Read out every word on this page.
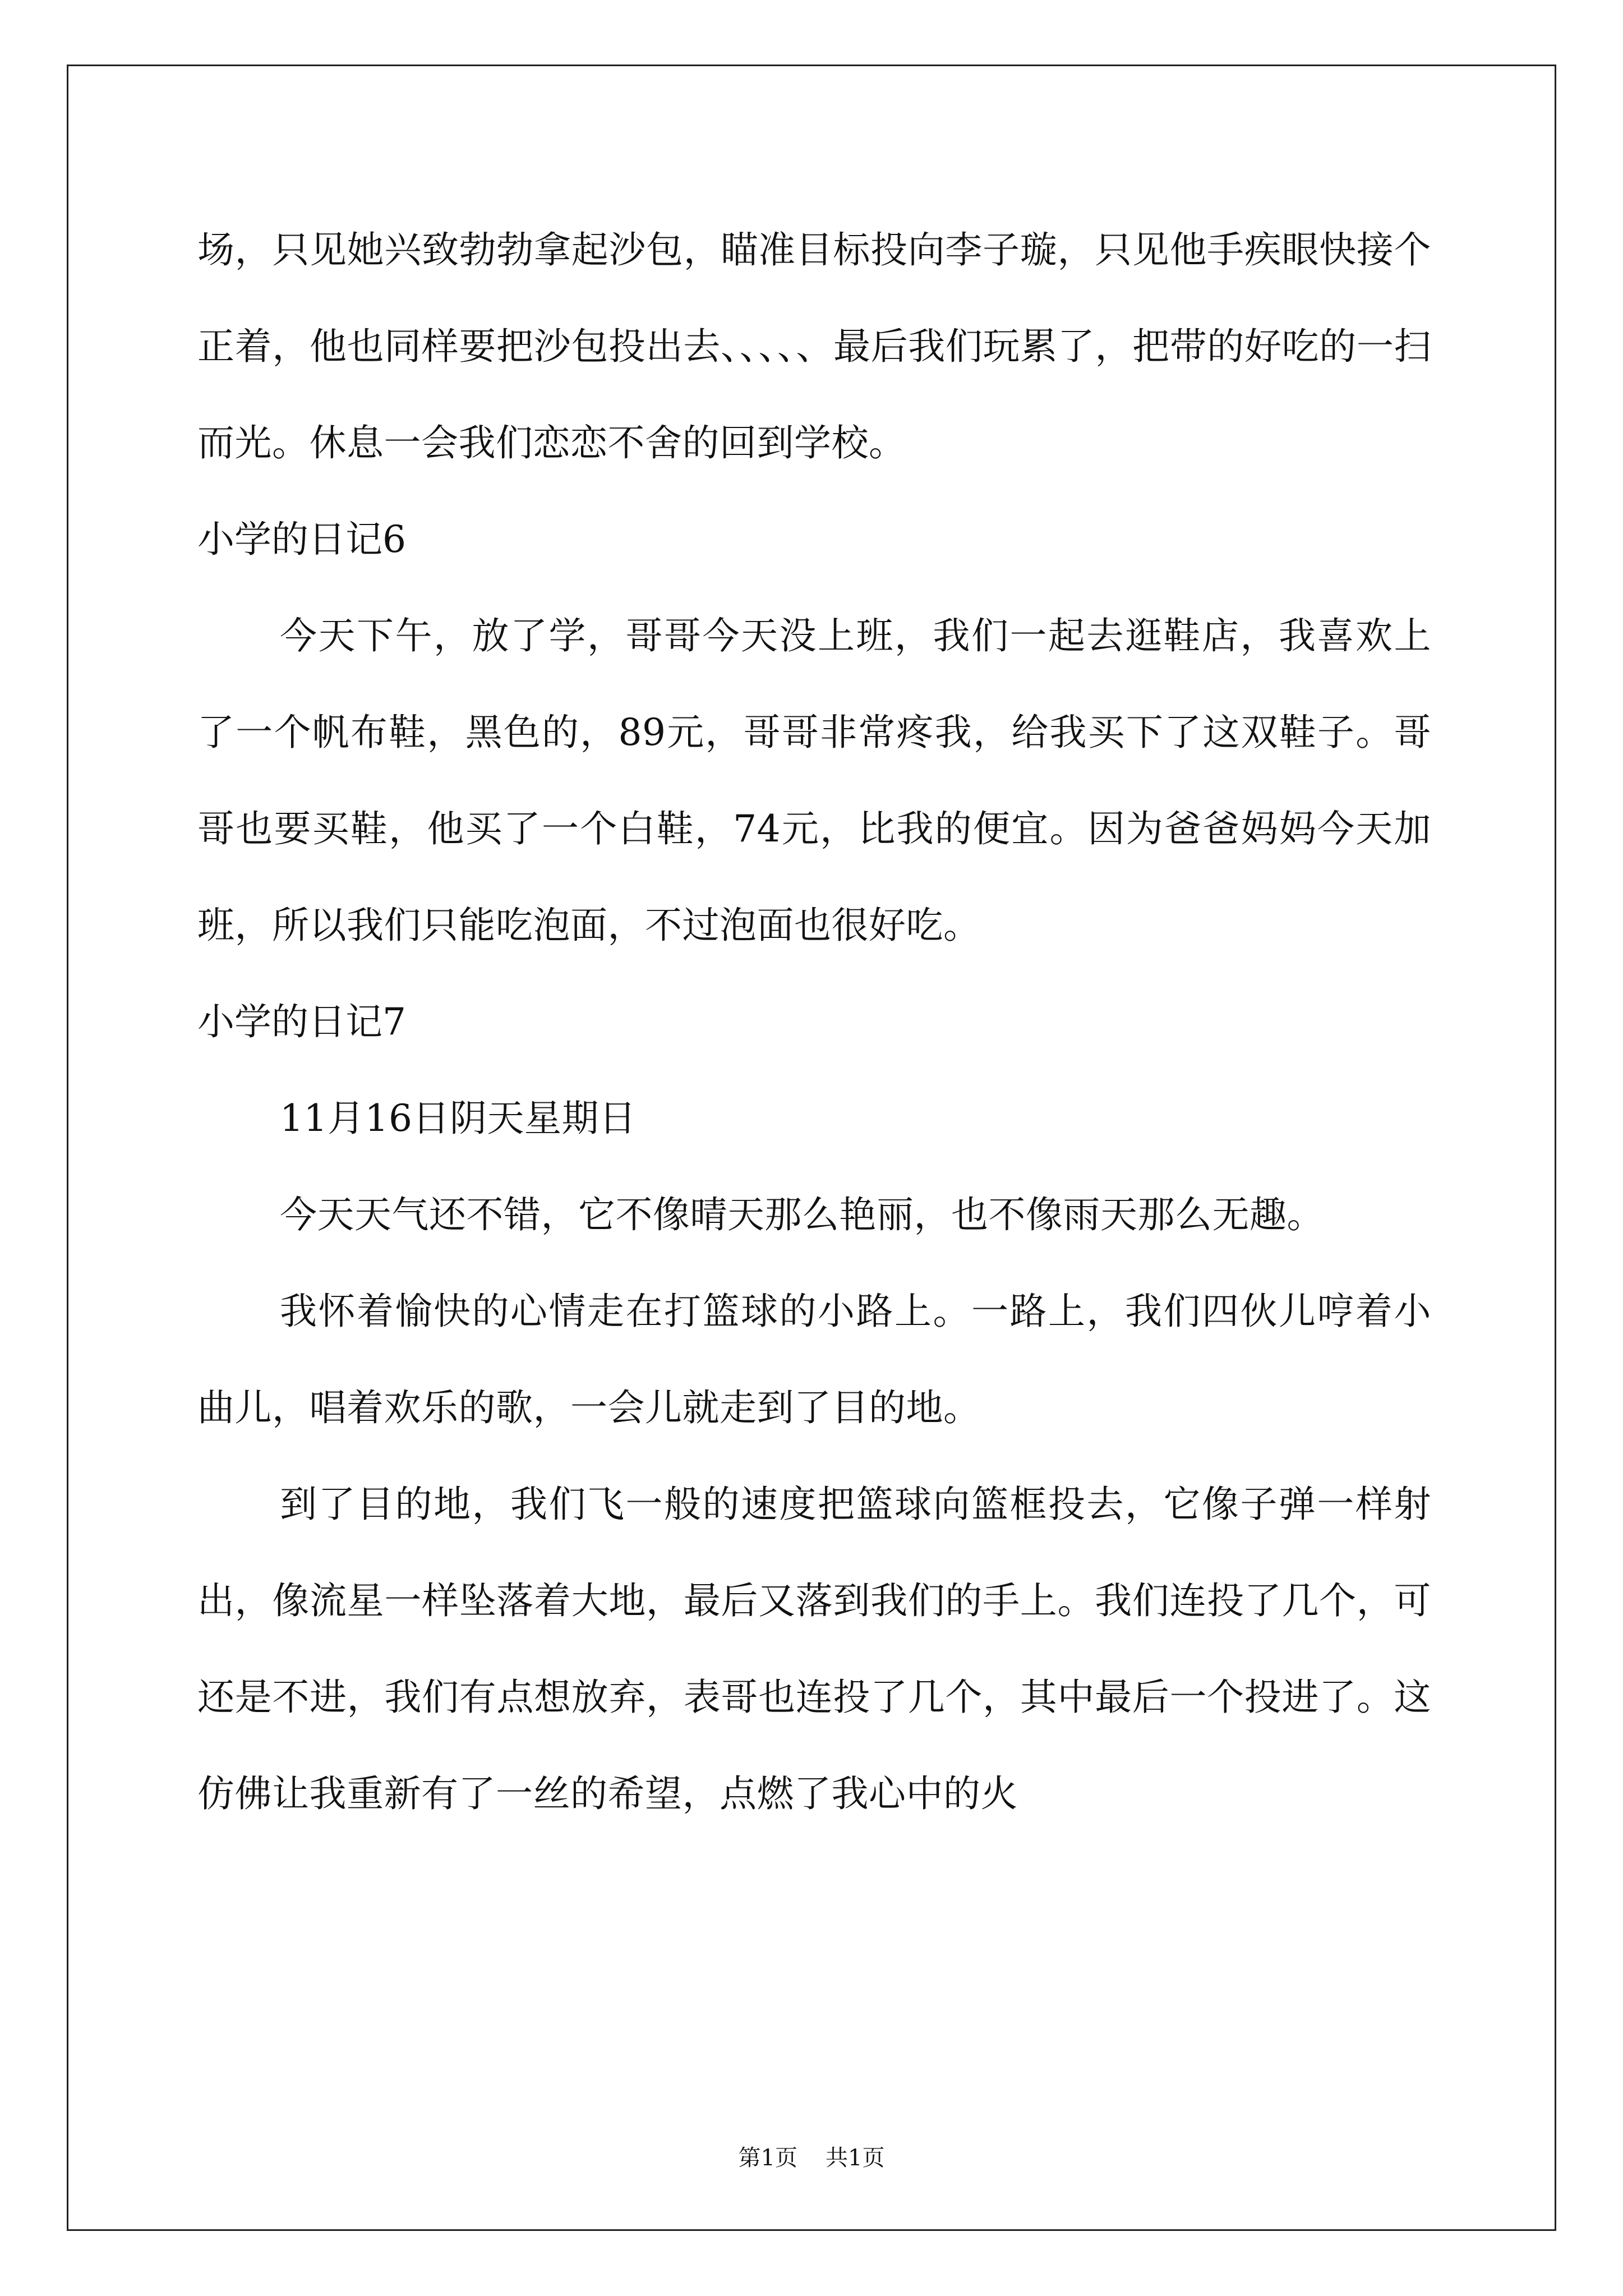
场，只见她兴致勃勃拿起沙包，瞄准目标投向李子璇，只见他手疾眼快接个正着，他也同样要把沙包投出去、、、、、最后我们玩累了，把带的好吃的一扫而光。休息一会我们恋恋不舍的回到学校。

小学的日记6

今天下午，放了学，哥哥今天没上班，我们一起去逛鞋店，我喜欢上了一个帆布鞋，黑色的，89元，哥哥非常疼我，给我买下了这双鞋子。哥哥也要买鞋，他买了一个白鞋，74元，比我的便宜。因为爸爸妈妈今天加班，所以我们只能吃泡面，不过泡面也很好吃。

小学的日记7

11月16日阴天星期日

今天天气还不错，它不像晴天那么艳丽，也不像雨天那么无趣。

我怀着愉快的心情走在打篮球的小路上。一路上，我们四伙儿哼着小曲儿，唱着欢乐的歌，一会儿就走到了目的地。

到了目的地，我们飞一般的速度把篮球向篮框投去，它像子弹一样射出，像流星一样坠落着大地，最后又落到我们的手上。我们连投了几个，可还是不进，我们有点想放弃，表哥也连投了几个，其中最后一个投进了。这仿佛让我重新有了一丝的希望，点燃了我心中的火

第1页 共1页
